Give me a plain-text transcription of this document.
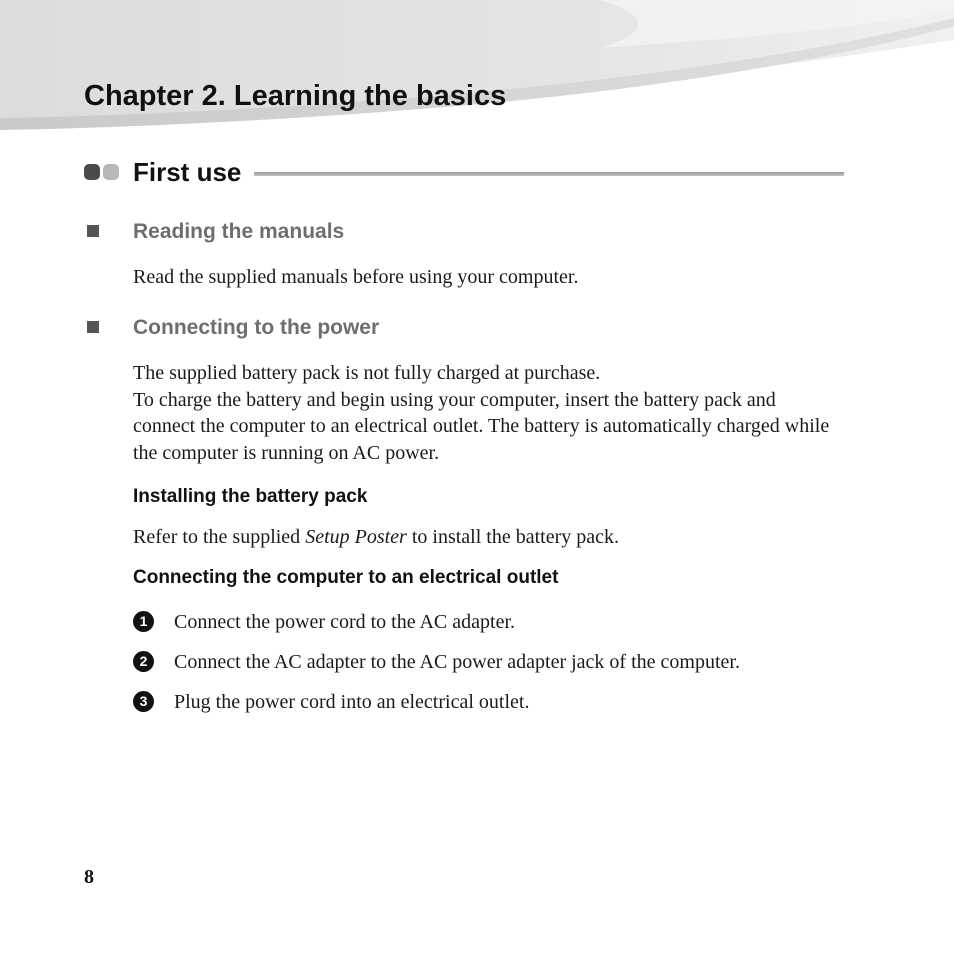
Chapter 2. Learning the basics
First use
Reading the manuals

Read the supplied manuals before using your computer.

Connecting to the power

The supplied battery pack is not fully charged at purchase.

To charge the battery and begin using your computer, insert the battery pack and connect the computer to an electrical outlet. The battery is automatically charged while the computer is running on AC power.

Installing the battery pack

Refer to the supplied Setup Poster to install the battery pack.

Connecting the computer to an electrical outlet
1	Connect the power cord to the AC adapter.
2	Connect the AC adapter to the AC power adapter jack of the computer.
3	Plug the power cord into an electrical outlet.
8
